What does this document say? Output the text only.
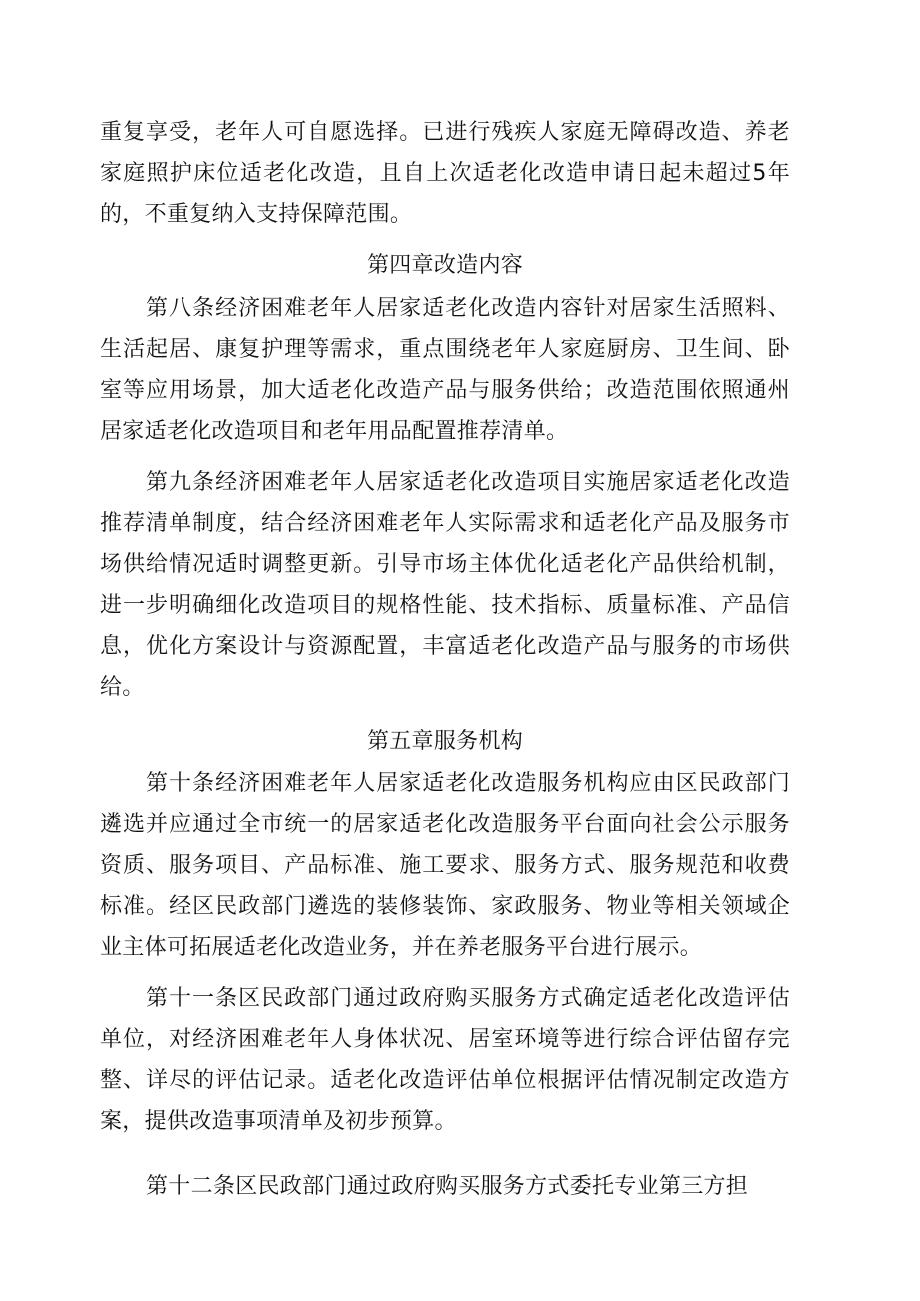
重复享受，老年人可自愿选择。已进行残疾人家庭无障碍改造、养老家庭照护床位适老化改造，且自上次适老化改造申请日起未超过5年的，不重复纳入支持保障范围。

第四章改造内容

第八条经济困难老年人居家适老化改造内容针对居家生活照料、生活起居、康复护理等需求，重点围绕老年人家庭厨房、卫生间、卧室等应用场景，加大适老化改造产品与服务供给；改造范围依照通州居家适老化改造项目和老年用品配置推荐清单。

第九条经济困难老年人居家适老化改造项目实施居家适老化改造推荐清单制度，结合经济困难老年人实际需求和适老化产品及服务市场供给情况适时调整更新。引导市场主体优化适老化产品供给机制，进一步明确细化改造项目的规格性能、技术指标、质量标准、产品信息，优化方案设计与资源配置，丰富适老化改造产品与服务的市场供给。

第五章服务机构

第十条经济困难老年人居家适老化改造服务机构应由区民政部门遴选并应通过全市统一的居家适老化改造服务平台面向社会公示服务资质、服务项目、产品标准、施工要求、服务方式、服务规范和收费标准。经区民政部门遴选的装修装饰、家政服务、物业等相关领域企业主体可拓展适老化改造业务，并在养老服务平台进行展示。

第十一条区民政部门通过政府购买服务方式确定适老化改造评估单位，对经济困难老年人身体状况、居室环境等进行综合评估留存完整、详尽的评估记录。适老化改造评估单位根据评估情况制定改造方案，提供改造事项清单及初步预算。

第十二条区民政部门通过政府购买服务方式委托专业第三方担
